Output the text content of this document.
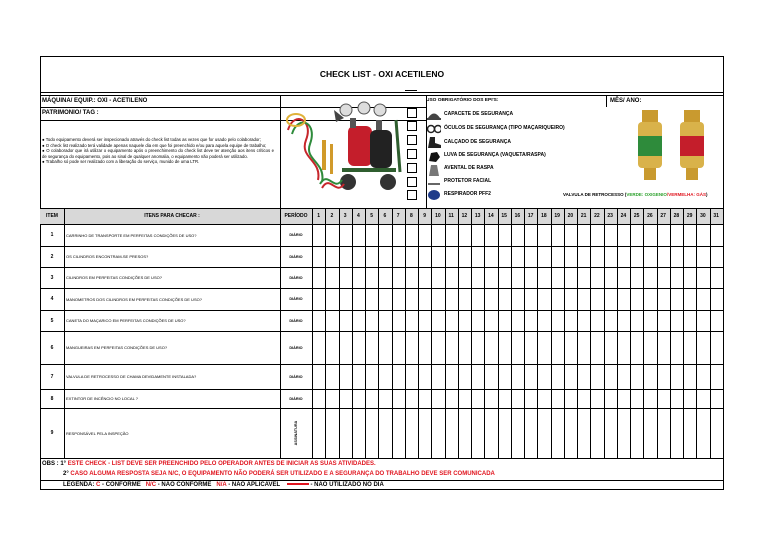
CHECK LIST - OXI ACETILENO
MÁQUINA/ EQUIP.: OXI - ACETILENO
PATRIMONIO/ TAG :
MÊS/ ANO:
USO OBRIGATÓRIO DOS EPI'S:
● Todo equipamento deverá ser inspecionado através do check list todas as vezes que for usado pelo colaborador;
● O check list realizado terá validade apenas naquele dia em que foi preenchido e/ou para aquela equipe de trabalho;
● O colaborador que irá utilizar o equipamento após o preenchimento do check list deve ter atenção aos itens críticos e de segurança do equipamento, pois ao sinal de qualquer anomalia, o equipamento não poderá ser utilizado.
● Trabalho só pode ser realizado com a liberação do serviço, munido de uma LTR.
CAPACETE DE SEGURANÇA
ÓCULOS DE SEGURANÇA (TIPO MAÇARIQUEIRO)
CALÇADO DE SEGURANÇA
LUVA DE SEGURANÇA (VAQUETA/RASPA)
AVENTAL DE RASPA
PROTETOR FACIAL
RESPIRADOR PFF2	VALVULA DE RETROCESSO (VERDE: OXIGENIO/VERMELHA: GÁS)
ITEM	ITENS PARA CHECAR :	PERÍODO	1	2	3	4	5	6	7	8	9	10	11	12	13	14	15	16	17	18	19	20	21	22	23	24	25	26	27	28	29	30	31
1	CARRINHO DE TRANSPORTE EM PERFEITAS CONDIÇÕES DE USO?	DIÁRIO
2	OS CILINDROS ENCONTRAM-SE PRESOS?	DIÁRIO
3	CILINDROS EM PERFEITAS CONDIÇÕES DE USO?	DIÁRIO
4	MANOMETROS DOS CILINDROS EM PERFEITAS CONDIÇÕES DE USO?	DIÁRIO
5	CANETA DO MAÇARICO EM PERFEITAS CONDIÇÕES DE USO?	DIÁRIO
6	MANGUEIRAS EM PERFEITAS CONDIÇÕES DE USO?	DIÁRIO
7	VALVULA DE RETROCESSO DE CHAMA DEVIDAMENTE INSTALADA?	DIÁRIO
8	EXTINTOR DE INCÊNCIO NO LOCAL ?	DIÁRIO
9	RESPONSÁVEL PELA INSPEÇÃO	ASSINATURA
OBS : 1° ESTE CHECK - LIST DEVE SER PREENCHIDO PELO OPERADOR ANTES DE INICIAR AS SUAS ATIVIDADES.
2° CASO ALGUMA RESPOSTA SEJA N/C, O EQUIPAMENTO NÃO PODERÁ SER UTILIZADO E A SEGURANÇA DO TRABALHO DEVE SER COMUNICADA
LEGENDA: C - CONFORME N/C - NÃO CONFORME N/A - NÃO APLICAVEL	- NÃO UTILIZADO NO DIA
